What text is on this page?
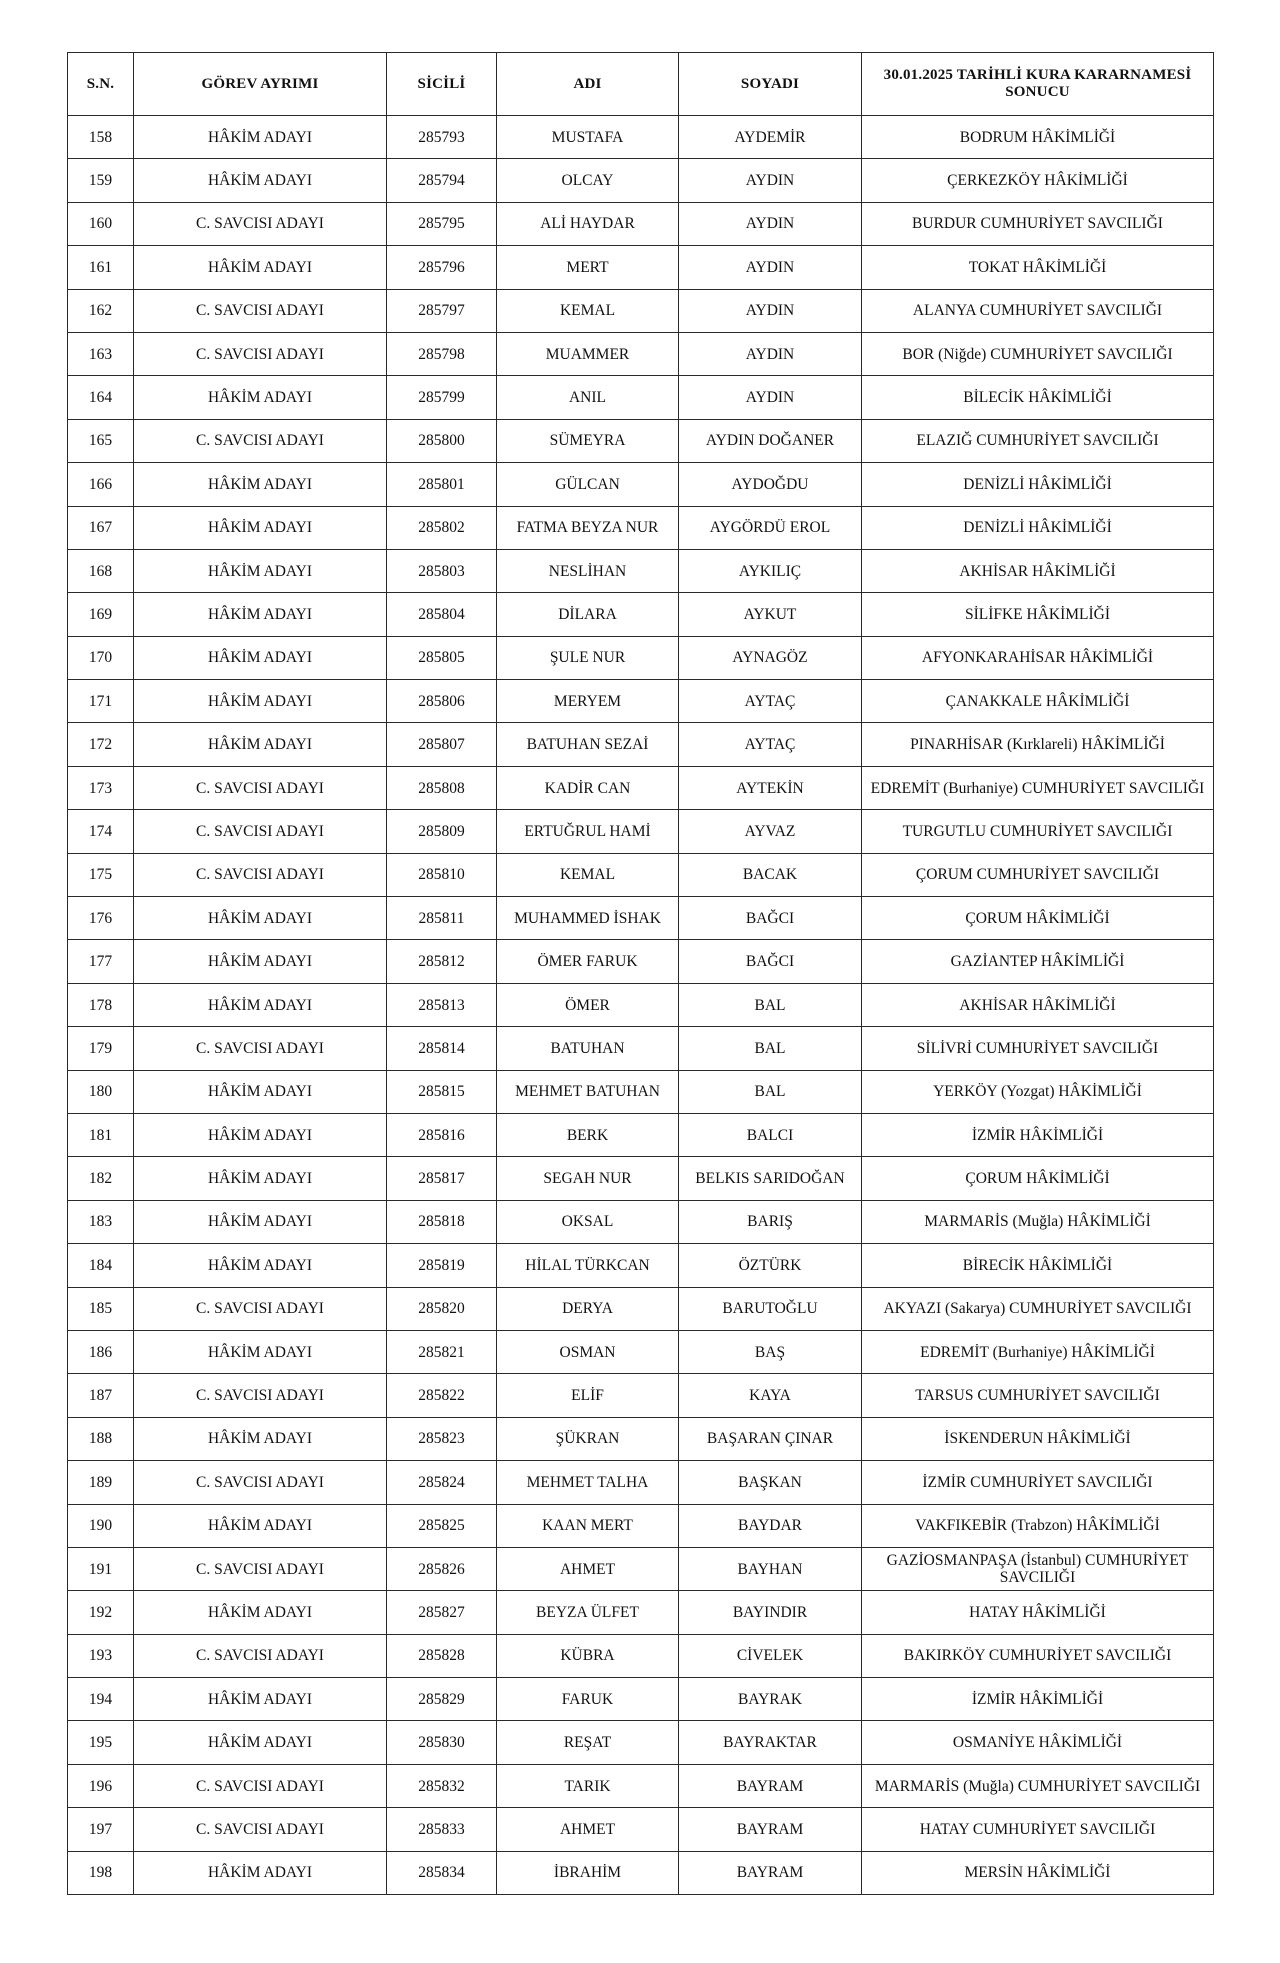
S.N.	GÖREV AYRIMI	SİCİLİ	ADI	SOYADI	30.01.2025 TARİHLİ KURA KARARNAMESİ SONUCU
158	HÂKİM ADAYI	285793	MUSTAFA	AYDEMİR	BODRUM HÂKİMLİĞİ
159	HÂKİM ADAYI	285794	OLCAY	AYDIN	ÇERKEZKÖY HÂKİMLİĞİ
160	C. SAVCISI ADAYI	285795	ALİ HAYDAR	AYDIN	BURDUR CUMHURİYET SAVCILIĞI
161	HÂKİM ADAYI	285796	MERT	AYDIN	TOKAT HÂKİMLİĞİ
162	C. SAVCISI ADAYI	285797	KEMAL	AYDIN	ALANYA CUMHURİYET SAVCILIĞI
163	C. SAVCISI ADAYI	285798	MUAMMER	AYDIN	BOR (Niğde) CUMHURİYET SAVCILIĞI
164	HÂKİM ADAYI	285799	ANIL	AYDIN	BİLECİK HÂKİMLİĞİ
165	C. SAVCISI ADAYI	285800	SÜMEYRA	AYDIN DOĞANER	ELAZIĞ CUMHURİYET SAVCILIĞI
166	HÂKİM ADAYI	285801	GÜLCAN	AYDOĞDU	DENİZLİ HÂKİMLİĞİ
167	HÂKİM ADAYI	285802	FATMA BEYZA NUR	AYGÖRDÜ EROL	DENİZLİ HÂKİMLİĞİ
168	HÂKİM ADAYI	285803	NESLİHAN	AYKILIÇ	AKHİSAR HÂKİMLİĞİ
169	HÂKİM ADAYI	285804	DİLARA	AYKUT	SİLİFKE HÂKİMLİĞİ
170	HÂKİM ADAYI	285805	ŞULE NUR	AYNAGÖZ	AFYONKARAHİSAR HÂKİMLİĞİ
171	HÂKİM ADAYI	285806	MERYEM	AYTAÇ	ÇANAKKALE HÂKİMLİĞİ
172	HÂKİM ADAYI	285807	BATUHAN SEZAİ	AYTAÇ	PINARHİSAR (Kırklareli) HÂKİMLİĞİ
173	C. SAVCISI ADAYI	285808	KADİR CAN	AYTEKİN	EDREMİT (Burhaniye) CUMHURİYET SAVCILIĞI
174	C. SAVCISI ADAYI	285809	ERTUĞRUL HAMİ	AYVAZ	TURGUTLU CUMHURİYET SAVCILIĞI
175	C. SAVCISI ADAYI	285810	KEMAL	BACAK	ÇORUM CUMHURİYET SAVCILIĞI
176	HÂKİM ADAYI	285811	MUHAMMED İSHAK	BAĞCI	ÇORUM HÂKİMLİĞİ
177	HÂKİM ADAYI	285812	ÖMER FARUK	BAĞCI	GAZİANTEP HÂKİMLİĞİ
178	HÂKİM ADAYI	285813	ÖMER	BAL	AKHİSAR HÂKİMLİĞİ
179	C. SAVCISI ADAYI	285814	BATUHAN	BAL	SİLİVRİ CUMHURİYET SAVCILIĞI
180	HÂKİM ADAYI	285815	MEHMET BATUHAN	BAL	YERKÖY (Yozgat) HÂKİMLİĞİ
181	HÂKİM ADAYI	285816	BERK	BALCI	İZMİR HÂKİMLİĞİ
182	HÂKİM ADAYI	285817	SEGAH NUR	BELKIS SARIDOĞAN	ÇORUM HÂKİMLİĞİ
183	HÂKİM ADAYI	285818	OKSAL	BARIŞ	MARMARİS (Muğla) HÂKİMLİĞİ
184	HÂKİM ADAYI	285819	HİLAL TÜRKCAN	ÖZTÜRK	BİRECİK HÂKİMLİĞİ
185	C. SAVCISI ADAYI	285820	DERYA	BARUTOĞLU	AKYAZI (Sakarya) CUMHURİYET SAVCILIĞI
186	HÂKİM ADAYI	285821	OSMAN	BAŞ	EDREMİT (Burhaniye) HÂKİMLİĞİ
187	C. SAVCISI ADAYI	285822	ELİF	KAYA	TARSUS CUMHURİYET SAVCILIĞI
188	HÂKİM ADAYI	285823	ŞÜKRAN	BAŞARAN ÇINAR	İSKENDERUN HÂKİMLİĞİ
189	C. SAVCISI ADAYI	285824	MEHMET TALHA	BAŞKAN	İZMİR CUMHURİYET SAVCILIĞI
190	HÂKİM ADAYI	285825	KAAN MERT	BAYDAR	VAKFIKEBİR (Trabzon) HÂKİMLİĞİ
191	C. SAVCISI ADAYI	285826	AHMET	BAYHAN	GAZİOSMANPAŞA (İstanbul) CUMHURİYET SAVCILIĞI
192	HÂKİM ADAYI	285827	BEYZA ÜLFET	BAYINDIR	HATAY HÂKİMLİĞİ
193	C. SAVCISI ADAYI	285828	KÜBRA	CİVELEK	BAKIRKÖY CUMHURİYET SAVCILIĞI
194	HÂKİM ADAYI	285829	FARUK	BAYRAK	İZMİR HÂKİMLİĞİ
195	HÂKİM ADAYI	285830	REŞAT	BAYRAKTAR	OSMANİYE HÂKİMLİĞİ
196	C. SAVCISI ADAYI	285832	TARIK	BAYRAM	MARMARİS (Muğla) CUMHURİYET SAVCILIĞI
197	C. SAVCISI ADAYI	285833	AHMET	BAYRAM	HATAY CUMHURİYET SAVCILIĞI
198	HÂKİM ADAYI	285834	İBRAHİM	BAYRAM	MERSİN HÂKİMLİĞİ
